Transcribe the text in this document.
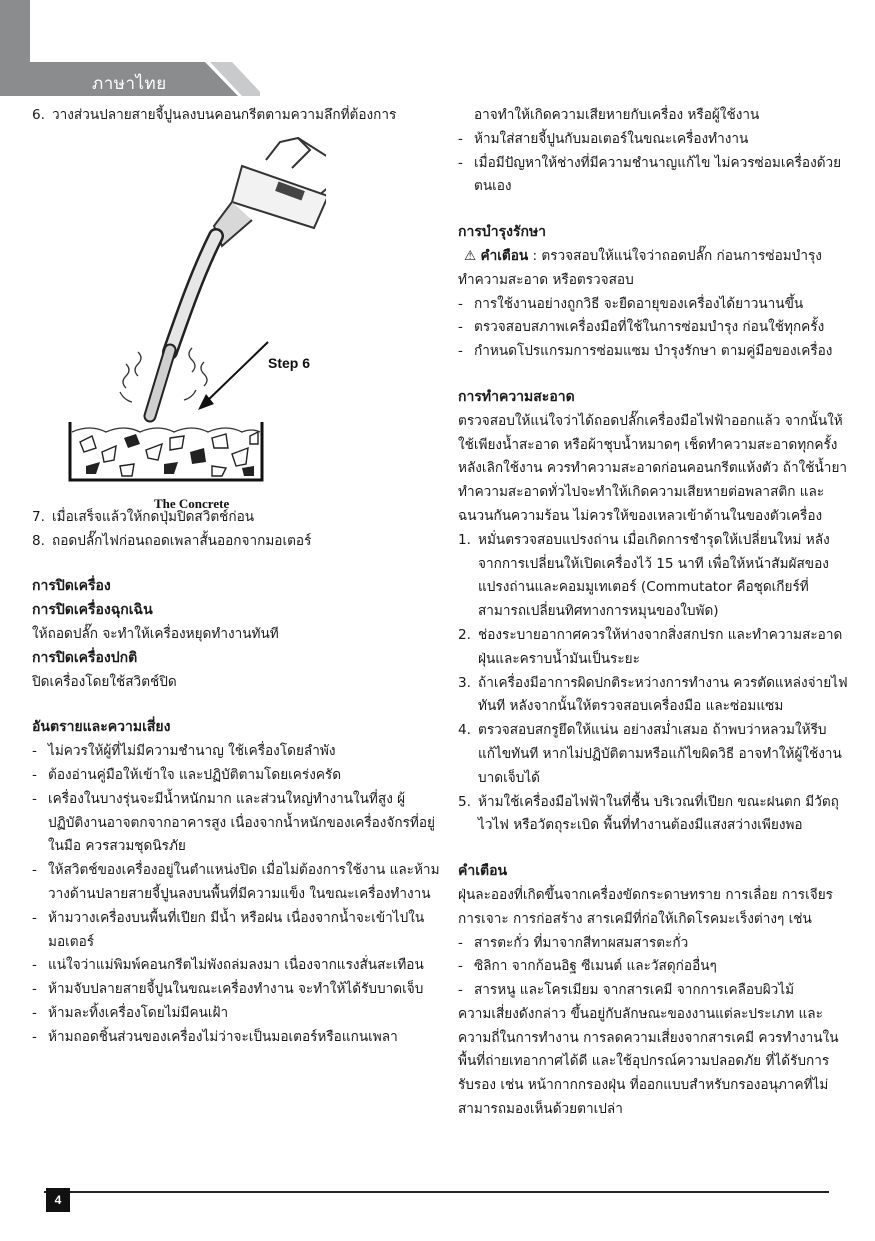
ภาษาไทย

6. วางส่วนปลายสายจี้ปูนลงบนคอนกรีตตามความลึกที่ต้องการ

Step 6
The Concrete

7. เมื่อเสร็จแล้วให้กดปุ่มปิดสวิตช์ก่อน

8. ถอดปลั๊กไฟก่อนถอดเพลาสั้นออกจากมอเตอร์

การปิดเครื่อง

การปิดเครื่องฉุกเฉิน

ให้ถอดปลั๊ก จะทำให้เครื่องหยุดทำงานทันที

การปิดเครื่องปกติ

ปิดเครื่องโดยใช้สวิตช์ปิด

อันตรายและความเสี่ยง

- ไม่ควรให้ผู้ที่ไม่มีความชำนาญ ใช้เครื่องโดยลำพัง

- ต้องอ่านคู่มือให้เข้าใจ และปฏิบัติตามโดยเคร่งครัด

- เครื่องในบางรุ่นจะมีน้ำหนักมาก และส่วนใหญ่ทำงานในที่สูง ผู้ปฏิบัติงานอาจตกจากอาคารสูง เนื่องจากน้ำหนักของเครื่องจักรที่อยู่ในมือ ควรสวมชุดนิรภัย

- ให้สวิตช์ของเครื่องอยู่ในตำแหน่งปิด เมื่อไม่ต้องการใช้งาน และห้ามวางด้านปลายสายจี้ปูนลงบนพื้นที่มีความแข็ง ในขณะเครื่องทำงาน

- ห้ามวางเครื่องบนพื้นที่เปียก มีน้ำ หรือฝน เนื่องจากน้ำจะเข้าไปในมอเตอร์

- แน่ใจว่าแม่พิมพ์คอนกรีตไม่พังถล่มลงมา เนื่องจากแรงสั่นสะเทือน

- ห้ามจับปลายสายจี้ปูนในขณะเครื่องทำงาน จะทำให้ได้รับบาดเจ็บ

- ห้ามละทิ้งเครื่องโดยไม่มีคนเฝ้า

- ห้ามถอดชิ้นส่วนของเครื่องไม่ว่าจะเป็นมอเตอร์หรือแกนเพลา

อาจทำให้เกิดความเสียหายกับเครื่อง หรือผู้ใช้งาน

- ห้ามใส่สายจี้ปูนกับมอเตอร์ในขณะเครื่องทำงาน

- เมื่อมีปัญหาให้ช่างที่มีความชำนาญแก้ไข ไม่ควรซ่อมเครื่องด้วยตนเอง

การบำรุงรักษา

⚠ คำเตือน : ตรวจสอบให้แน่ใจว่าถอดปลั๊ก ก่อนการซ่อมบำรุง ทำความสะอาด หรือตรวจสอบ

- การใช้งานอย่างถูกวิธี จะยืดอายุของเครื่องได้ยาวนานขึ้น

- ตรวจสอบสภาพเครื่องมือที่ใช้ในการซ่อมบำรุง ก่อนใช้ทุกครั้ง

- กำหนดโปรแกรมการซ่อมแซม บำรุงรักษา ตามคู่มือของเครื่อง

การทำความสะอาด

ตรวจสอบให้แน่ใจว่าได้ถอดปลั๊กเครื่องมือไฟฟ้าออกแล้ว จากนั้นให้ใช้เพียงน้ำสะอาด หรือผ้าชุบน้ำหมาดๆ เช็ดทำความสะอาดทุกครั้งหลังเลิกใช้งาน ควรทำความสะอาดก่อนคอนกรีตแห้งตัว ถ้าใช้น้ำยาทำความสะอาดทั่วไปจะทำให้เกิดความเสียหายต่อพลาสติก และฉนวนกันความร้อน ไม่ควรให้ของเหลวเข้าด้านในของตัวเครื่อง

1. หมั่นตรวจสอบแปรงถ่าน เมื่อเกิดการชำรุดให้เปลี่ยนใหม่ หลังจากการเปลี่ยนให้เปิดเครื่องไว้ 15 นาที เพื่อให้หน้าสัมผัสของแปรงถ่านและคอมมูเทเตอร์ (Commutator คือชุดเกียร์ที่สามารถเปลี่ยนทิศทางการหมุนของใบพัด)

2. ช่องระบายอากาศควรให้ห่างจากสิ่งสกปรก และทำความสะอาดฝุ่นและคราบน้ำมันเป็นระยะ

3. ถ้าเครื่องมีอาการผิดปกติระหว่างการทำงาน ควรตัดแหล่งจ่ายไฟทันที หลังจากนั้นให้ตรวจสอบเครื่องมือ และซ่อมแซม

4. ตรวจสอบสกรูยึดให้แน่น อย่างสม่ำเสมอ ถ้าพบว่าหลวมให้รีบแก้ไขทันที หากไม่ปฏิบัติตามหรือแก้ไขผิดวิธี อาจทำให้ผู้ใช้งานบาดเจ็บได้

5. ห้ามใช้เครื่องมือไฟฟ้าในที่ชื้น บริเวณที่เปียก ขณะฝนตก มีวัตถุไวไฟ หรือวัตถุระเบิด พื้นที่ทำงานต้องมีแสงสว่างเพียงพอ

คำเตือน

ฝุ่นละอองที่เกิดขึ้นจากเครื่องขัดกระดาษทราย การเลื่อย การเจียร การเจาะ การก่อสร้าง สารเคมีที่ก่อให้เกิดโรคมะเร็งต่างๆ เช่น

- สารตะกั่ว ที่มาจากสีทาผสมสารตะกั่ว

- ซิลิกา จากก้อนอิฐ ซีเมนต์ และวัสดุก่ออื่นๆ

- สารหนู และโครเมียม จากสารเคมี จากการเคลือบผิวไม้

ความเสี่ยงดังกล่าว ขึ้นอยู่กับลักษณะของงานแต่ละประเภท และความถี่ในการทำงาน การลดความเสี่ยงจากสารเคมี ควรทำงานในพื้นที่ถ่ายเทอากาศได้ดี และใช้อุปกรณ์ความปลอดภัย ที่ได้รับการรับรอง เช่น หน้ากากกรองฝุ่น ที่ออกแบบสำหรับกรองอนุภาคที่ไม่สามารถมองเห็นด้วยตาเปล่า

4
